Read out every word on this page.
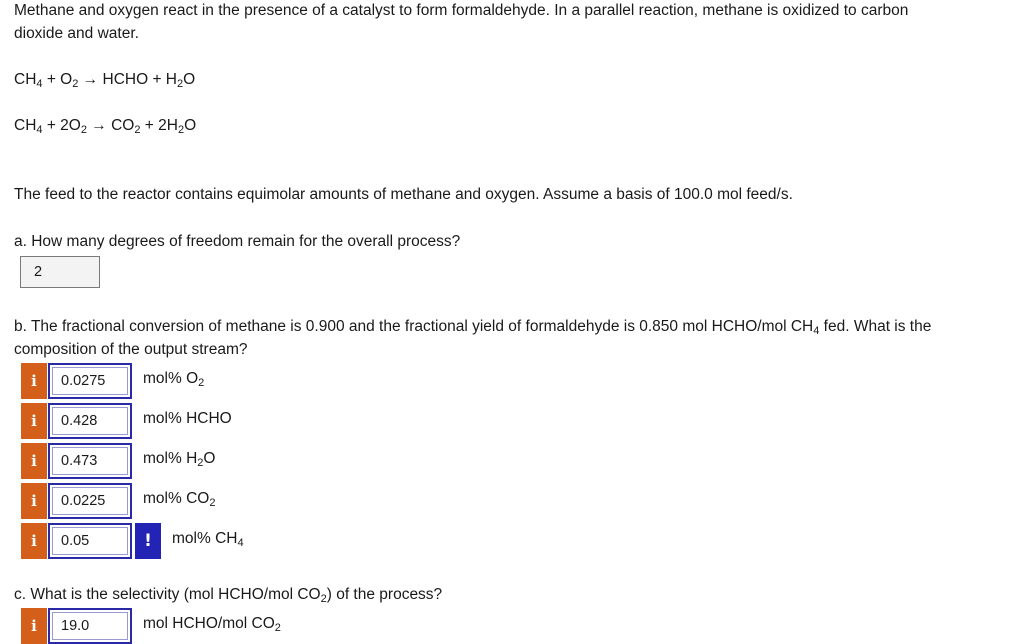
Methane and oxygen react in the presence of a catalyst to form formaldehyde. In a parallel reaction, methane is oxidized to carbon
dioxide and water.
$CH_4 + O_2$ → HCHO + $H_2O$
$CH_4 + 2O_2 \to CO_2 + 2H_2O$
The feed to the reactor contains equimolar amounts of methane and oxygen. Assume a basis of 100.0 mol feed/s.
a. How many degrees of freedom remain for the overall process?
2
b. The fractional conversion of methane is 0.900 and the fractional yield of formaldehyde is 0.850 mol HCHO/mol $CH_4$ fed. What is the
composition of the output stream?
i	0.0275	mol% $O_2$
i	0.428	mol% HCHO
i	0.473	mol% $H_2O$
i	0.0225	mol% $CO_2$
i	0.05	!	mol% $CH_4$
c. What is the selectivity (mol HCHO/mol $CO_2$) of the process?
i	19.0	mol HCHO/mol $CO_2$
